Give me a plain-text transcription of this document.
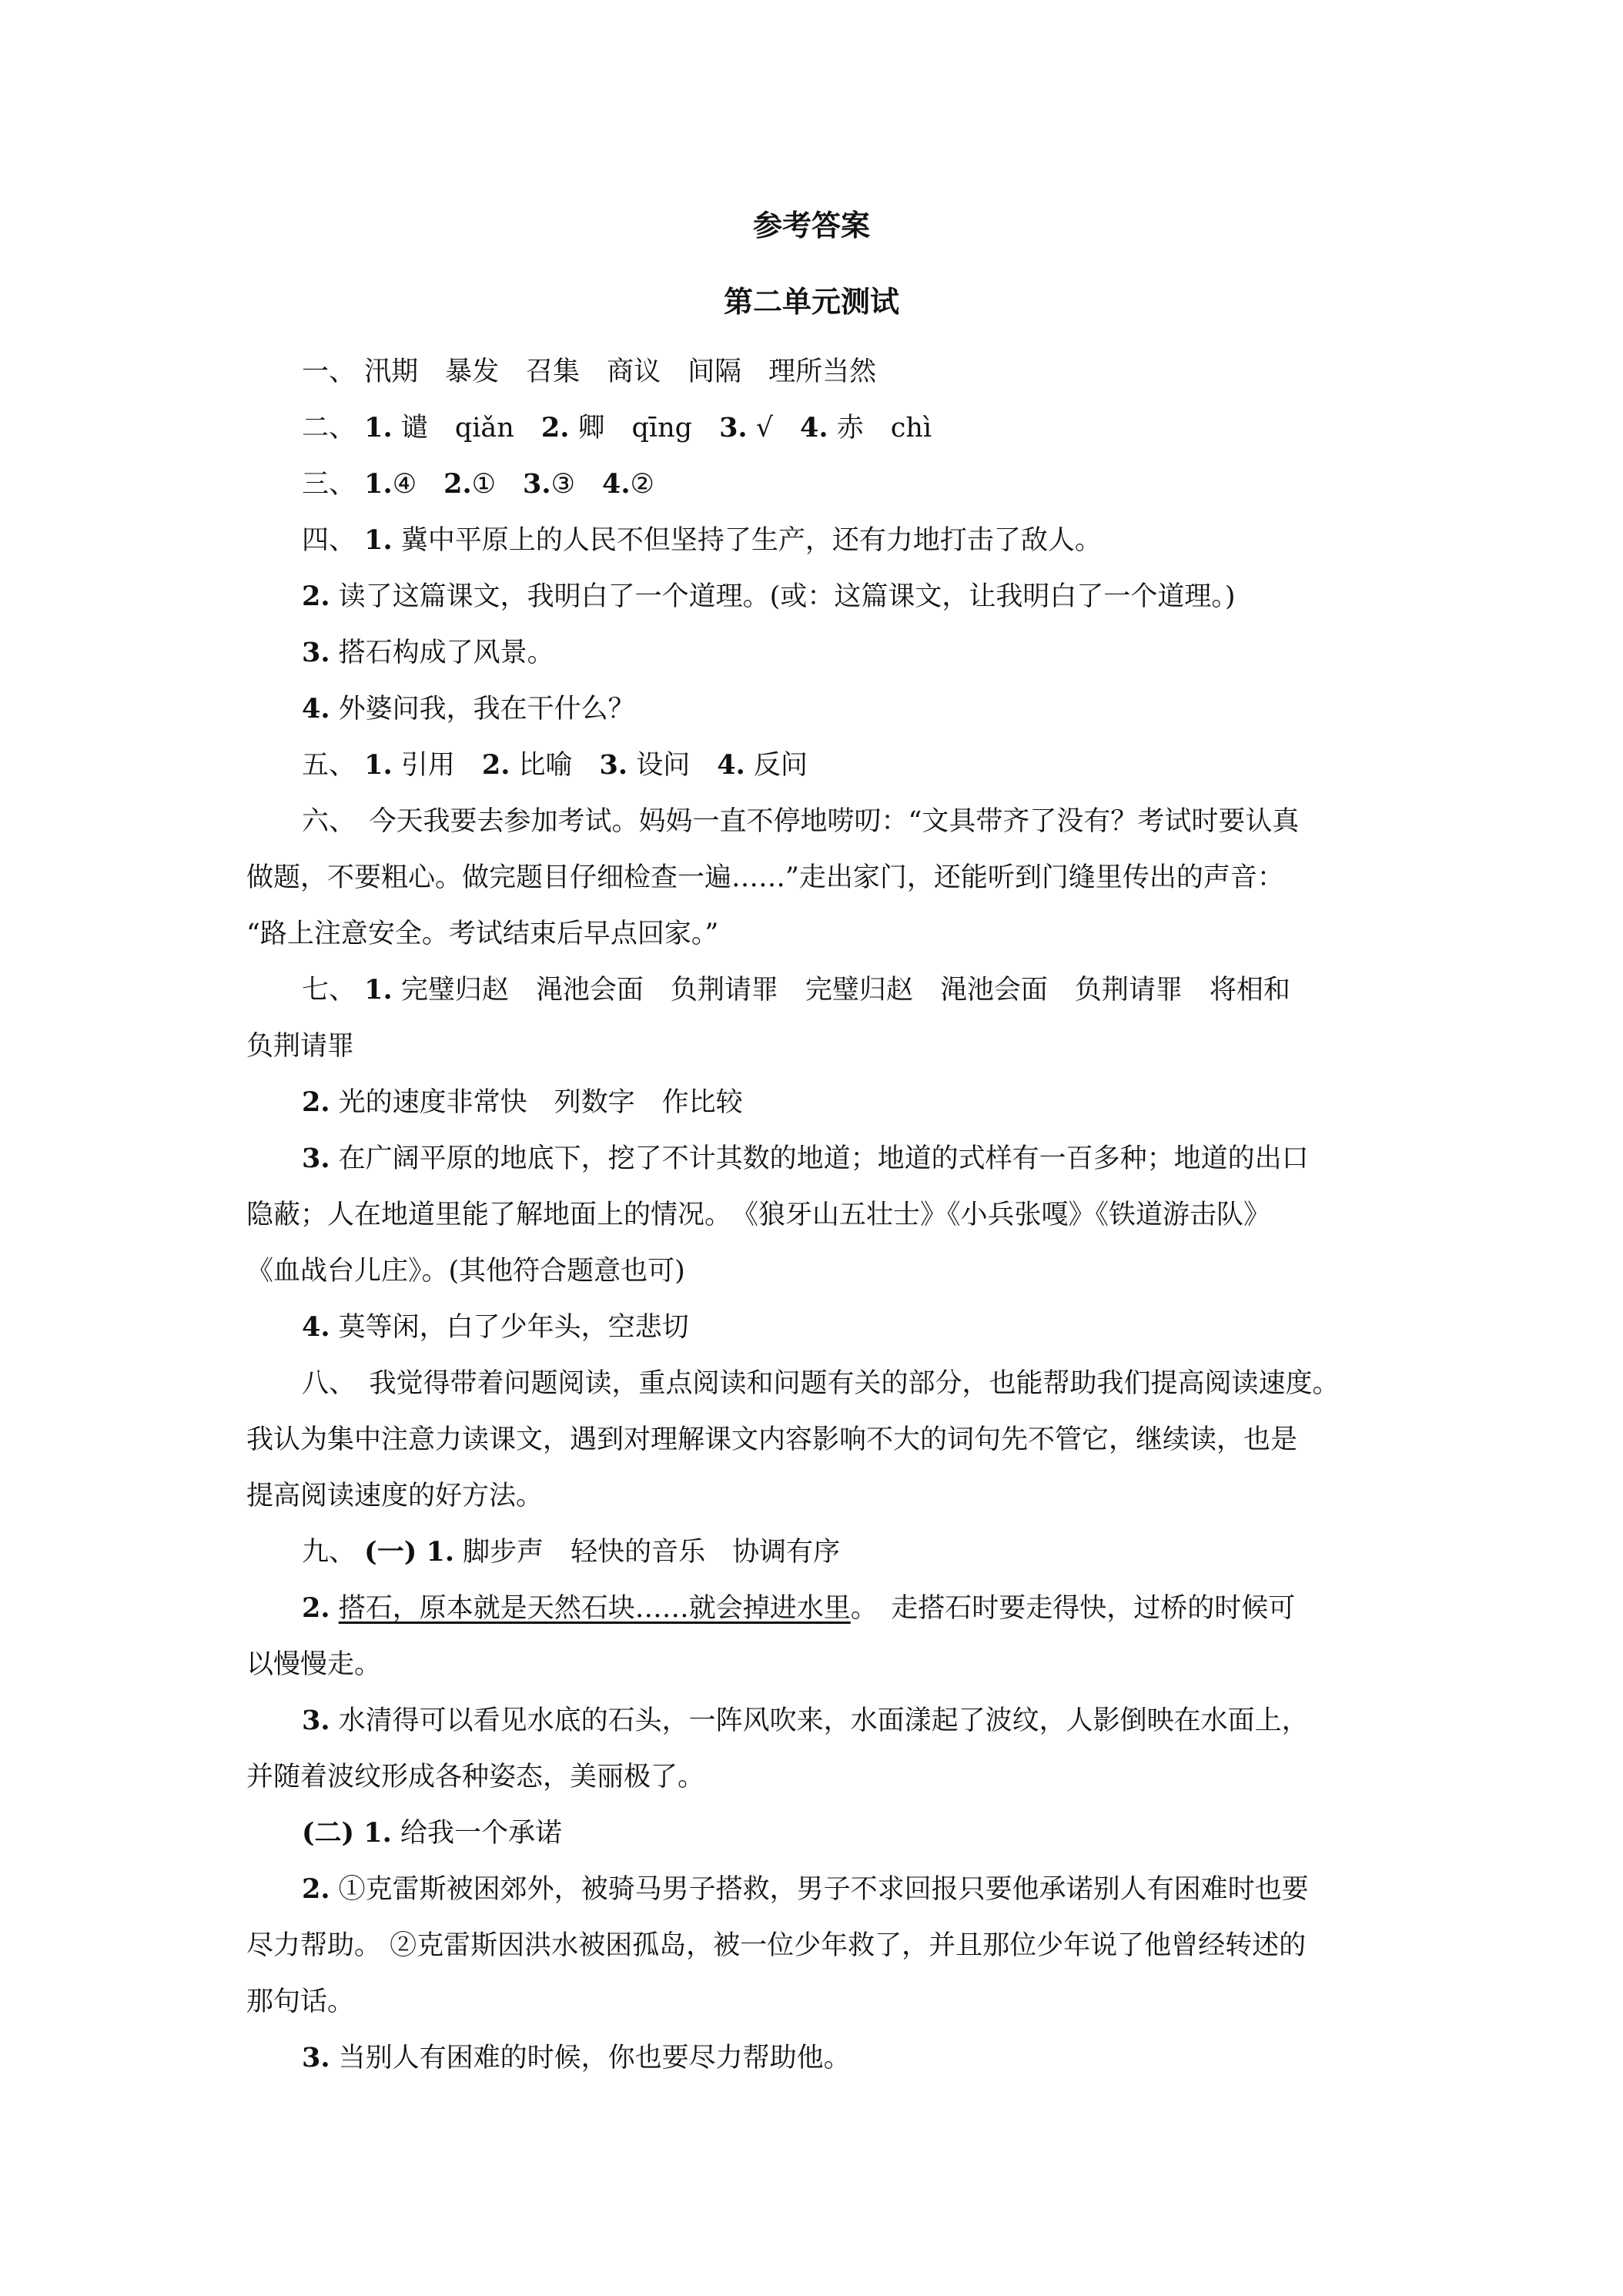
参考答案
第二单元测试

一、 汛期　暴发　召集　商议　间隔　理所当然

二、 1. 谴　qiǎn　2. 卿　qīng　3. √　4. 赤　chì

三、 1.④　2.①　3.③　4.②

四、 1. 冀中平原上的人民不但坚持了生产，还有力地打击了敌人。

2. 读了这篇课文，我明白了一个道理。(或：这篇课文，让我明白了一个道理。)

3. 搭石构成了风景。

4. 外婆问我，我在干什么？

五、 1. 引用　2. 比喻　3. 设问　4. 反问

六、　今天我要去参加考试。妈妈一直不停地唠叨：“文具带齐了没有？考试时要认真

做题，不要粗心。做完题目仔细检查一遍……”走出家门，还能听到门缝里传出的声音：

“路上注意安全。考试结束后早点回家。”

七、 1. 完璧归赵　渑池会面　负荆请罪　完璧归赵　渑池会面　负荆请罪　将相和

负荆请罪

2. 光的速度非常快　列数字　作比较

3. 在广阔平原的地底下，挖了不计其数的地道；地道的式样有一百多种；地道的出口

隐蔽；人在地道里能了解地面上的情况。　《狼牙山五壮士》《小兵张嘎》《铁道游击队》

《血战台儿庄》。(其他符合题意也可)

4. 莫等闲，白了少年头，空悲切

八、　我觉得带着问题阅读，重点阅读和问题有关的部分，也能帮助我们提高阅读速度。

我认为集中注意力读课文，遇到对理解课文内容影响不大的词句先不管它，继续读，也是

提高阅读速度的好方法。

九、 (一) 1. 脚步声　轻快的音乐　协调有序

2. 搭石，原本就是天然石块……就会掉进水里。　走搭石时要走得快，过桥的时候可

以慢慢走。

3. 水清得可以看见水底的石头，一阵风吹来，水面漾起了波纹，人影倒映在水面上，

并随着波纹形成各种姿态，美丽极了。

(二) 1. 给我一个承诺

2. ①克雷斯被困郊外，被骑马男子搭救，男子不求回报只要他承诺别人有困难时也要

尽力帮助。 ②克雷斯因洪水被困孤岛，被一位少年救了，并且那位少年说了他曾经转述的

那句话。

3. 当别人有困难的时候，你也要尽力帮助他。
